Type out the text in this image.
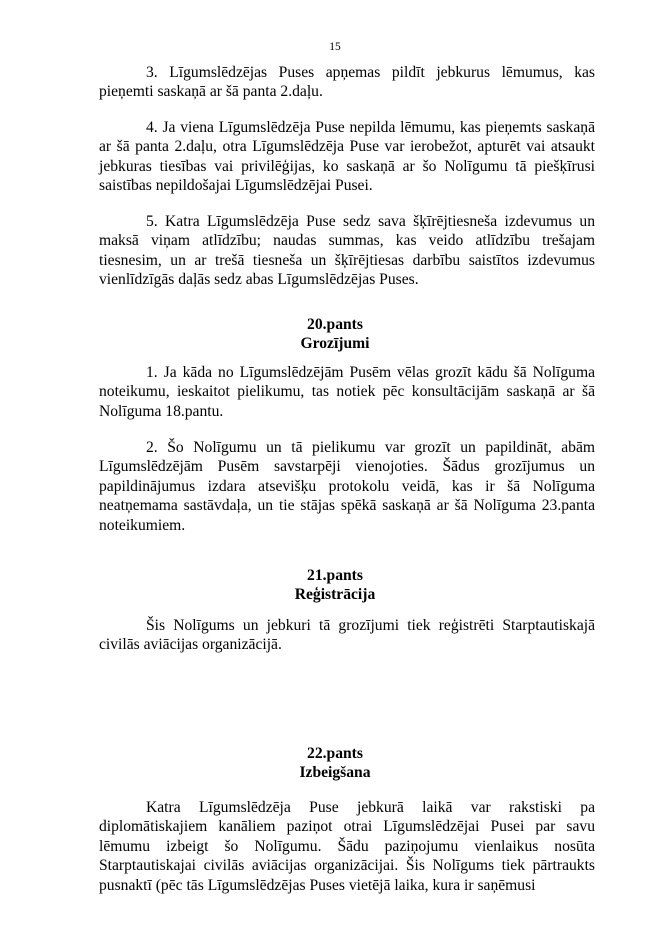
15

3. Līgumslēdzējas Puses apņemas pildīt jebkurus lēmumus, kas pieņemti saskaņā ar šā panta 2.daļu.

4. Ja viena Līgumslēdzēja Puse nepilda lēmumu, kas pieņemts saskaņā ar šā panta 2.daļu, otra Līgumslēdzēja Puse var ierobežot, apturēt vai atsaukt jebkuras tiesības vai privilēģijas, ko saskaņā ar šo Nolīgumu tā piešķīrusi saistības nepildošajai Līgumslēdzējai Pusei.

5. Katra Līgumslēdzēja Puse sedz sava šķīrējtiesneša izdevumus un maksā viņam atlīdzību; naudas summas, kas veido atlīdzību trešajam tiesnesim, un ar trešā tiesneša un šķīrējtiesas darbību saistītos izdevumus vienlīdzīgās daļās sedz abas Līgumslēdzējas Puses.

20.pants
Grozījumi

1. Ja kāda no Līgumslēdzējām Pusēm vēlas grozīt kādu šā Nolīguma noteikumu, ieskaitot pielikumu, tas notiek pēc konsultācijām saskaņā ar šā Nolīguma 18.pantu.

2. Šo Nolīgumu un tā pielikumu var grozīt un papildināt, abām Līgumslēdzējām Pusēm savstarpēji vienojoties. Šādus grozījumus un papildinājumus izdara atsevišķu protokolu veidā, kas ir šā Nolīguma neatņemama sastāvdaļa, un tie stājas spēkā saskaņā ar šā Nolīguma 23.panta noteikumiem.

21.pants
Reģistrācija

Šis Nolīgums un jebkuri tā grozījumi tiek reģistrēti Starptautiskajā civilās aviācijas organizācijā.

22.pants
Izbeigšana

Katra Līgumslēdzēja Puse jebkurā laikā var rakstiski pa diplomātiskajiem kanāliem paziņot otrai Līgumslēdzējai Pusei par savu lēmumu izbeigt šo Nolīgumu. Šādu paziņojumu vienlaikus nosūta Starptautiskajai civilās aviācijas organizācijai. Šis Nolīgums tiek pārtraukts pusnaktī (pēc tās Līgumslēdzējas Puses vietējā laika, kura ir saņēmusi
